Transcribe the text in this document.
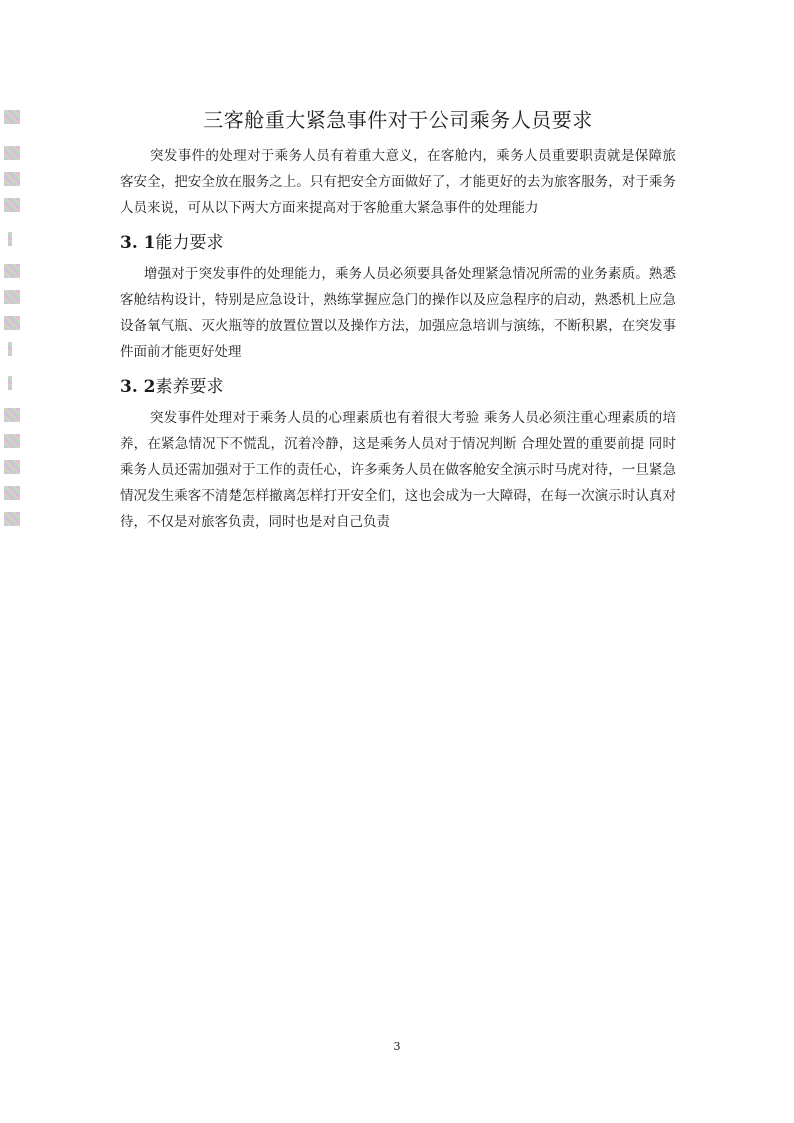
三客舱重大紧急事件对于公司乘务人员要求

突发事件的处理对于乘务人员有着重大意义，在客舱内，乘务人员重要职责就是保障旅客安全，把安全放在服务之上。只有把安全方面做好了，才能更好的去为旅客服务，对于乘务人员来说，可从以下两大方面来提高对于客舱重大紧急事件的处理能力

3. 1能力要求

增强对于突发事件的处理能力，乘务人员必须要具备处理紧急情况所需的业务素质。熟悉客舱结构设计，特别是应急设计，熟练掌握应急门的操作以及应急程序的启动，熟悉机上应急设备氧气瓶、灭火瓶等的放置位置以及操作方法，加强应急培训与演练，不断积累，在突发事件面前才能更好处理

3. 2素养要求

突发事件处理对于乘务人员的心理素质也有着很大考验 乘务人员必须注重心理素质的培养，在紧急情况下不慌乱，沉着冷静，这是乘务人员对于情况判断 合理处置的重要前提 同时乘务人员还需加强对于工作的责任心，许多乘务人员在做客舱安全演示时马虎对待，一旦紧急情况发生乘客不清楚怎样撤离怎样打开安全们，这也会成为一大障碍，在每一次演示时认真对待，不仅是对旅客负责，同时也是对自己负责

3
